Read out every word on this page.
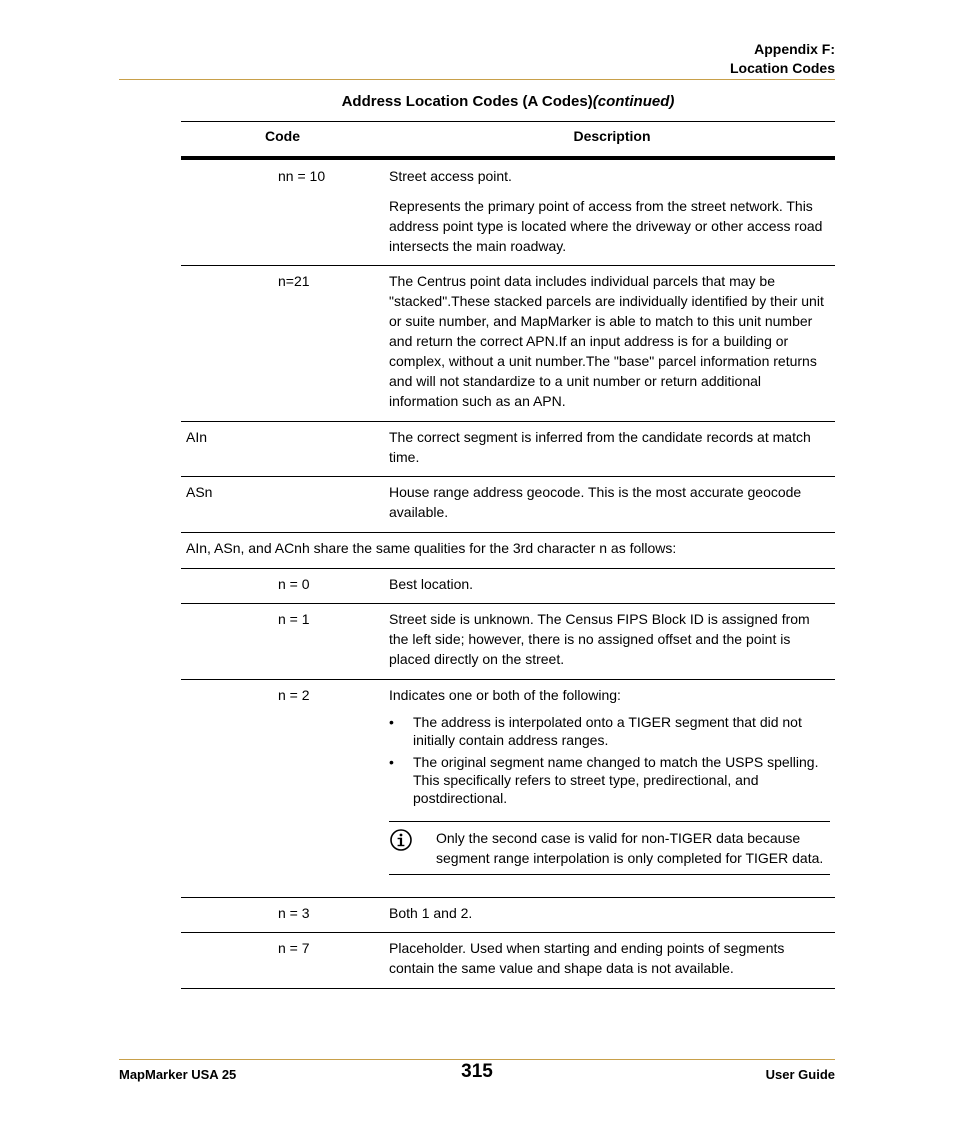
Appendix F:
Location Codes
Address Location Codes (A Codes)(continued)
Code	Description
nn = 10	Street access point.

Represents the primary point of access from the street network. This address point type is located where the driveway or other access road intersects the main roadway.

n=21	The Centrus point data includes individual parcels that may be "stacked".These stacked parcels are individually identified by their unit or suite number, and MapMarker is able to match to this unit number and return the correct APN.If an input address is for a building or complex, without a unit number.The "base" parcel information returns and will not standardize to a unit number or return additional information such as an APN.

AIn	The correct segment is inferred from the candidate records at match time.

ASn	House range address geocode. This is the most accurate geocode available.

AIn, ASn, and ACnh share the same qualities for the 3rd character n as follows:
n = 0	Best location.

n = 1	Street side is unknown. The Census FIPS Block ID is assigned from the left side; however, there is no assigned offset and the point is placed directly on the street.

n = 2	Indicates one or both of the following:

• The address is interpolated onto a TIGER segment that did not initially contain address ranges.
• The original segment name changed to match the USPS spelling. This specifically refers to street type, predirectional, and postdirectional.
Only the second case is valid for non-TIGER data because segment range interpolation is only completed for TIGER data.
n = 3	Both 1 and 2.

n = 7	Placeholder. Used when starting and ending points of segments contain the same value and shape data is not available.

MapMarker USA 25	315	User Guide
